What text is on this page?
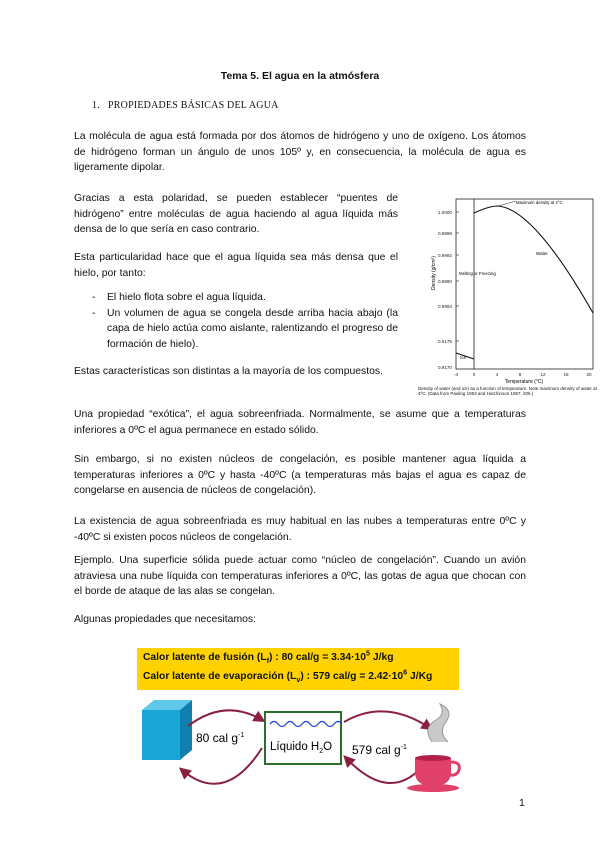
Tema 5. El agua en la atmósfera
1. PROPIEDADES BÁSICAS DEL AGUA
La molécula de agua está formada por dos átomos de hidrógeno y uno de oxígeno. Los átomos de hidrógeno forman un ángulo de unos 105º y, en consecuencia, la molécula de agua es ligeramente dipolar.
Gracias a esta polaridad, se pueden establecer “puentes de hidrógeno” entre moléculas de agua haciendo al agua líquida más densa de lo que sería en caso contrario.
Esta particularidad hace que el agua líquida sea más densa que el hielo, por tanto:
- El hielo flota sobre el agua líquida.
- Un volumen de agua se congela desde arriba hacia abajo (la capa de hielo actúa como aislante, ralentizando el progreso de formación de hielo).
Estas características son distintas a la mayoría de los compuestos.
Una propiedad “exótica”, el agua sobreenfriada. Normalmente, se asume que a temperaturas inferiores a 0ºC el agua permanece en estado sólido.
Sin embargo, si no existen núcleos de congelación, es posible mantener agua líquida a temperaturas inferiores a 0ºC y hasta -40ºC (a temperaturas más bajas el agua es capaz de congelarse en ausencia de núcleos de congelación).
La existencia de agua sobreenfriada es muy habitual en las nubes a temperaturas entre 0ºC y -40ºC si existen pocos núcleos de congelación.
Ejemplo. Una superficie sólida puede actuar como “núcleo de congelación”. Cuando un avión atraviesa una nube líquida con temperaturas inferiores a 0ºC, las gotas de agua que chocan con el borde de ataque de las alas se congelan.
Algunas propiedades que necesitamos:
Density (g/cm³)
1.0000
0.9998
0.9992
0.9990
0.9994
0.9175
0.9170
-4	0	4	8	12	16	20
Temperature (°C)
Maximum density at 4°C
Water
Melting or Freezing
Ice
Density of water (and ice) as a function of temperature. Note maximum density of water at 4ºC. (Data from Pauling 1953 and Hutchinson 1957, 206.)
Calor latente de fusión $(L_f)$ : 80 $cal/g = 3.34\cdot 10^5$ J/kg
Calor latente de evaporación $(L_v)$ : 579 $cal/g = 2.42\cdot 10^6$ J/Kg
80 cal $g^{-1}$
Líquido $H_2O$ 579 cal $g^{-1}$
1
